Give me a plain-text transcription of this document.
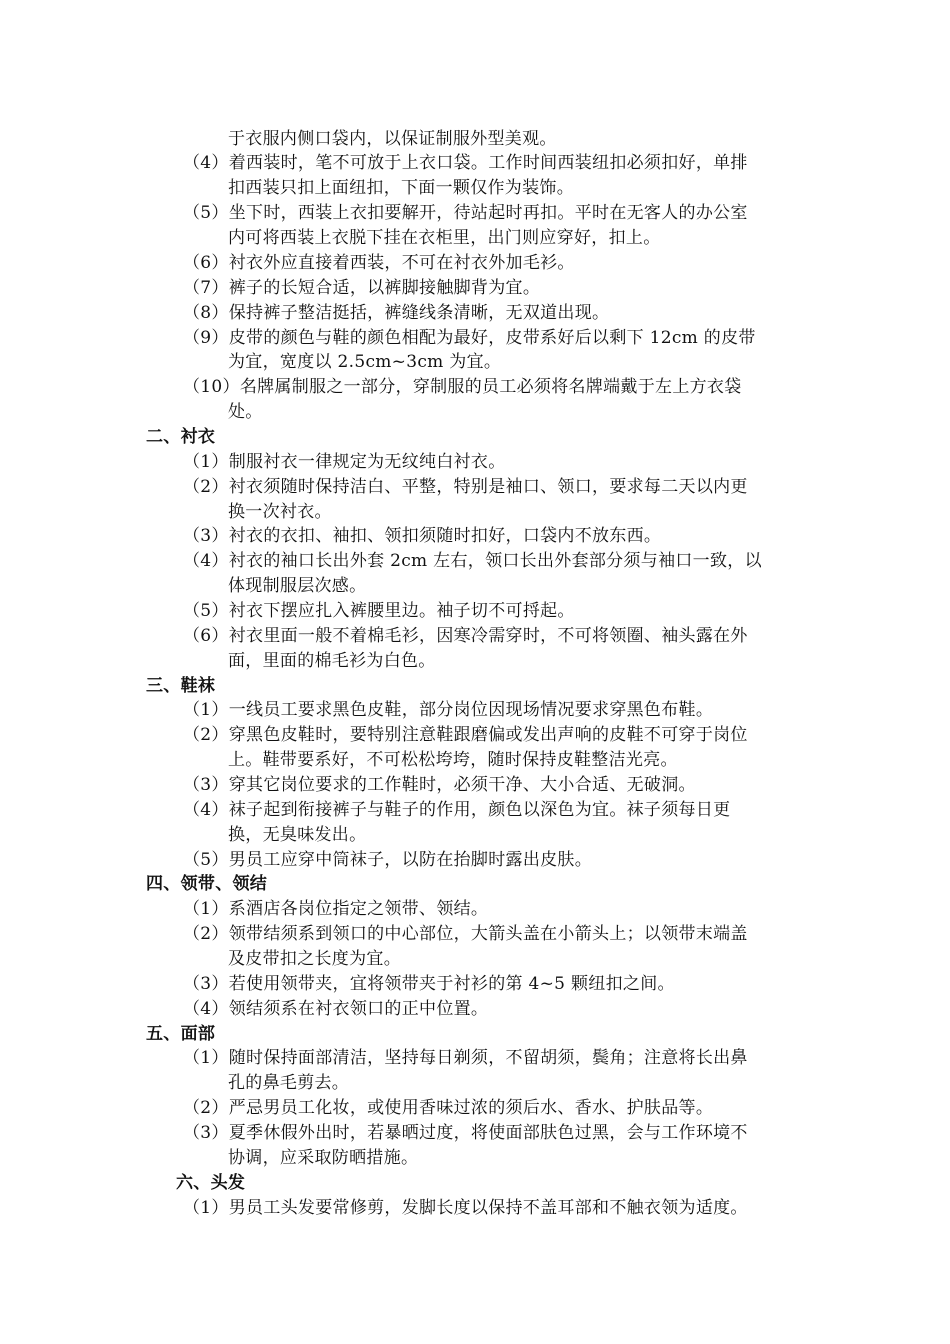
于衣服内侧口袋内，以保证制服外型美观。
（4）着西装时，笔不可放于上衣口袋。工作时间西装纽扣必须扣好，单排
扣西装只扣上面纽扣，下面一颗仅作为装饰。
（5）坐下时，西装上衣扣要解开，待站起时再扣。平时在无客人的办公室
内可将西装上衣脱下挂在衣柜里，出门则应穿好，扣上。
（6）衬衣外应直接着西装，不可在衬衣外加毛衫。
（7）裤子的长短合适，以裤脚接触脚背为宜。
（8）保持裤子整洁挺括，裤缝线条清晰，无双道出现。
（9）皮带的颜色与鞋的颜色相配为最好，皮带系好后以剩下 12cm 的皮带
为宜，宽度以 2.5cm~3cm 为宜。
（10）名牌属制服之一部分，穿制服的员工必须将名牌端戴于左上方衣袋
处。
二、衬衣
（1）制服衬衣一律规定为无纹纯白衬衣。
（2）衬衣须随时保持洁白、平整，特别是袖口、领口，要求每二天以内更
换一次衬衣。
（3）衬衣的衣扣、袖扣、领扣须随时扣好，口袋内不放东西。
（4）衬衣的袖口长出外套 2cm 左右，领口长出外套部分须与袖口一致，以
体现制服层次感。
（5）衬衣下摆应扎入裤腰里边。袖子切不可捋起。
（6）衬衣里面一般不着棉毛衫，因寒冷需穿时，不可将领圈、袖头露在外
面，里面的棉毛衫为白色。
三、鞋袜
（1）一线员工要求黑色皮鞋，部分岗位因现场情况要求穿黑色布鞋。
（2）穿黑色皮鞋时，要特别注意鞋跟磨偏或发出声响的皮鞋不可穿于岗位
上。鞋带要系好，不可松松垮垮，随时保持皮鞋整洁光亮。
（3）穿其它岗位要求的工作鞋时，必须干净、大小合适、无破洞。
（4）袜子起到衔接裤子与鞋子的作用，颜色以深色为宜。袜子须每日更
换，无臭味发出。
（5）男员工应穿中筒袜子，以防在抬脚时露出皮肤。
四、领带、领结
（1）系酒店各岗位指定之领带、领结。
（2）领带结须系到领口的中心部位，大箭头盖在小箭头上；以领带末端盖
及皮带扣之长度为宜。
（3）若使用领带夹，宜将领带夹于衬衫的第 4~5 颗纽扣之间。
（4）领结须系在衬衣领口的正中位置。
五、面部
（1）随时保持面部清洁，坚持每日剃须，不留胡须，鬓角；注意将长出鼻
孔的鼻毛剪去。
（2）严忌男员工化妆，或使用香味过浓的须后水、香水、护肤品等。
（3）夏季休假外出时，若暴晒过度，将使面部肤色过黑，会与工作环境不
协调，应采取防晒措施。
六、头发
（1）男员工头发要常修剪，发脚长度以保持不盖耳部和不触衣领为适度。
